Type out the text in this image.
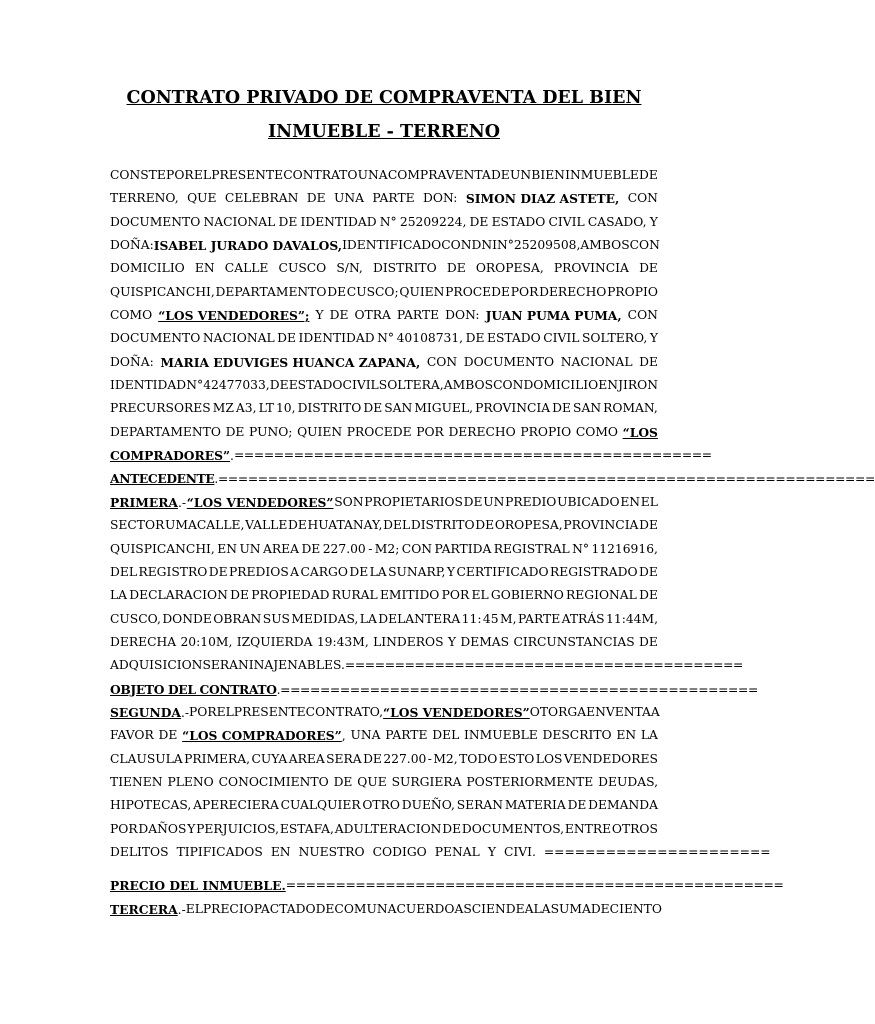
CONTRATO PRIVADO DE COMPRAVENTA DEL BIEN
INMUEBLE - TERRENO
CONSTE POR EL PRESENTE CONTRATO UNA COMPRAVENTA DE UN BIEN INMUEBLE DE
TERRENO, QUE CELEBRAN DE UNA PARTE DON: SIMON DIAZ ASTETE, CON
DOCUMENTO NACIONAL DE IDENTIDAD N° 25209224, DE ESTADO CIVIL CASADO, Y
DOÑA: ISABEL JURADO DAVALOS, IDENTIFICADO CON DNI N° 25209508, AMBOS CON
DOMICILIO EN CALLE CUSCO S/N, DISTRITO DE OROPESA, PROVINCIA DE
QUISPICANCHI, DEPARTAMENTO DE CUSCO; QUIEN PROCEDE POR DERECHO PROPIO
COMO “LOS VENDEDORES”; Y DE OTRA PARTE DON: JUAN PUMA PUMA, CON
DOCUMENTO NACIONAL DE IDENTIDAD N° 40108731, DE ESTADO CIVIL SOLTERO, Y
DOÑA: MARIA EDUVIGES HUANCA ZAPANA, CON DOCUMENTO NACIONAL DE
IDENTIDAD N° 42477033, DE ESTADO CIVIL SOLTERA, AMBOS CON DOMICILIO EN JIRON
PRECURSORES MZ A3, LT 10, DISTRITO DE SAN MIGUEL, PROVINCIA DE SAN ROMAN,
DEPARTAMENTO DE PUNO; QUIEN PROCEDE POR DERECHO PROPIO COMO “LOS
COMPRADORES”. ================================================
ANTECEDENTE.==================================================================
PRIMERA.- “LOS VENDEDORES” SON PROPIETARIOS DE UN PREDIO UBICADO EN EL
SECTOR UMACALLE, VALLE DE HUATANAY, DEL DISTRITO DE OROPESA, PROVINCIA DE
QUISPICANCHI, EN UN AREA DE 227.00 - M2; CON PARTIDA REGISTRAL N° 11216916,
DEL REGISTRO DE PREDIOS A CARGO DE LA SUNARP, Y CERTIFICADO REGISTRADO DE
LA DECLARACION DE PROPIEDAD RURAL EMITIDO POR EL GOBIERNO REGIONAL DE
CUSCO, DONDE OBRAN SUS MEDIDAS, LA DELANTERA 11: 45 M, PARTE ATRÁS 11:44M,
DERECHA 20:10M, IZQUIERDA 19:43M, LINDEROS Y DEMAS CIRCUNSTANCIAS DE
ADQUISICION SERAN INAJENABLES. ========================================
OBJETO DEL CONTRATO.================================================
SEGUNDA.- POR EL PRESENTE CONTRATO, “LOS VENDEDORES” OTORGA EN VENTA A
FAVOR DE “LOS COMPRADORES”, UNA PARTE DEL INMUEBLE DESCRITO EN LA
CLAUSULA PRIMERA, CUYA AREA SERA DE 227.00 - M2, TODO ESTO LOS VENDEDORES
TIENEN PLENO CONOCIMIENTO DE QUE SURGIERA POSTERIORMENTE DEUDAS,
HIPOTECAS, APERECIERA CUALQUIER OTRO DUEÑO, SERAN MATERIA DE DEMANDA
POR DAÑOS Y PERJUICIOS, ESTAFA, ADULTERACION DE DOCUMENTOS, ENTRE OTROS
DELITOS TIPIFICADOS EN NUESTRO CODIGO PENAL Y CIVI. ======================
PRECIO DEL INMUEBLE. ==================================================
TERCERA.- EL PRECIO PACTADO DE COMUN ACUERDO ASCIENDE A LA SUMA DE CIENTO
